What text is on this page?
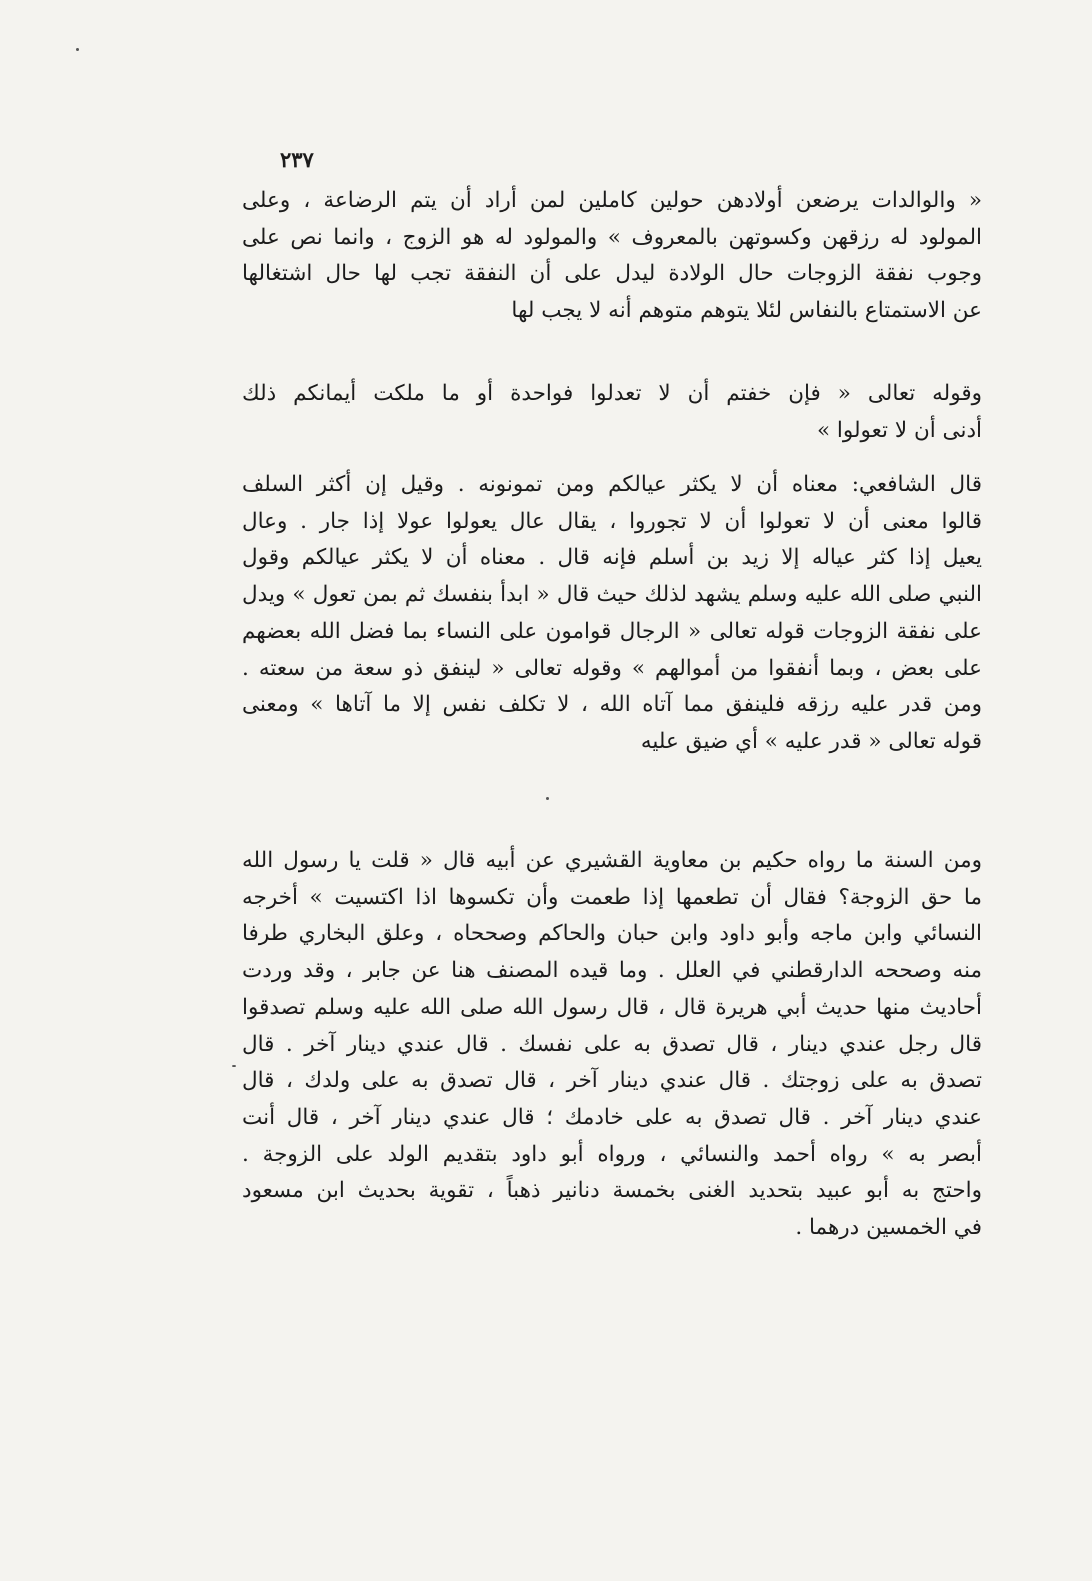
٢٣٧
« والوالدات يرضعن أولادهن حولين كاملين لمن أراد أن يتم الرضاعة ، وعلى
المولود له رزقهن وكسوتهن بالمعروف » والمولود له هو الزوج ، وانما نص على
وجوب نفقة الزوجات حال الولادة ليدل على أن النفقة تجب لها حال اشتغالها
عن الاستمتاع بالنفاس لئلا يتوهم متوهم أنه لا يجب لها
وقوله تعالى « فإن خفتم أن لا تعدلوا فواحدة أو ما ملكت أيمانكم ذلك
أدنى أن لا تعولوا »
قال الشافعي: معناه أن لا يكثر عيالكم ومن تمونونه . وقيل إن أكثر السلف
قالوا معنى أن لا تعولوا أن لا تجوروا ، يقال عال يعولوا عولا إذا جار . وعال
يعيل إذا كثر عياله إلا زيد بن أسلم فإنه قال . معناه أن لا يكثر عيالكم وقول
النبي صلى الله عليه وسلم يشهد لذلك حيث قال « ابدأ بنفسك ثم بمن تعول » ويدل
على نفقة الزوجات قوله تعالى « الرجال قوامون على النساء بما فضل الله بعضهم
على بعض ، وبما أنفقوا من أموالهم » وقوله تعالى « لينفق ذو سعة من سعته .
ومن قدر عليه رزقه فلينفق مما آتاه الله ، لا تكلف نفس إلا ما آتاها » ومعنى
قوله تعالى « قدر عليه » أي ضيق عليه
ومن السنة ما رواه حكيم بن معاوية القشيري عن أبيه قال « قلت يا رسول الله
ما حق الزوجة؟ فقال أن تطعمها إذا طعمت وأن تكسوها اذا اكتسيت » أخرجه
النسائي وابن ماجه وأبو داود وابن حبان والحاكم وصححاه ، وعلق البخاري طرفا
منه وصححه الدارقطني في العلل . وما قيده المصنف هنا عن جابر ، وقد وردت
أحاديث منها حديث أبي هريرة قال ، قال رسول الله صلى الله عليه وسلم تصدقوا
قال رجل عندي دينار ، قال تصدق به على نفسك . قال عندي دينار آخر . قال
تصدق به على زوجتك . قال عندي دينار آخر ، قال تصدق به على ولدك ، قال
عندي دينار آخر . قال تصدق به على خادمك ؛ قال عندي دينار آخر ، قال أنت
أبصر به » رواه أحمد والنسائي ، ورواه أبو داود بتقديم الولد على الزوجة .
واحتج به أبو عبيد بتحديد الغنى بخمسة دنانير ذهباً ، تقوية بحديث ابن مسعود
في الخمسين درهما .
